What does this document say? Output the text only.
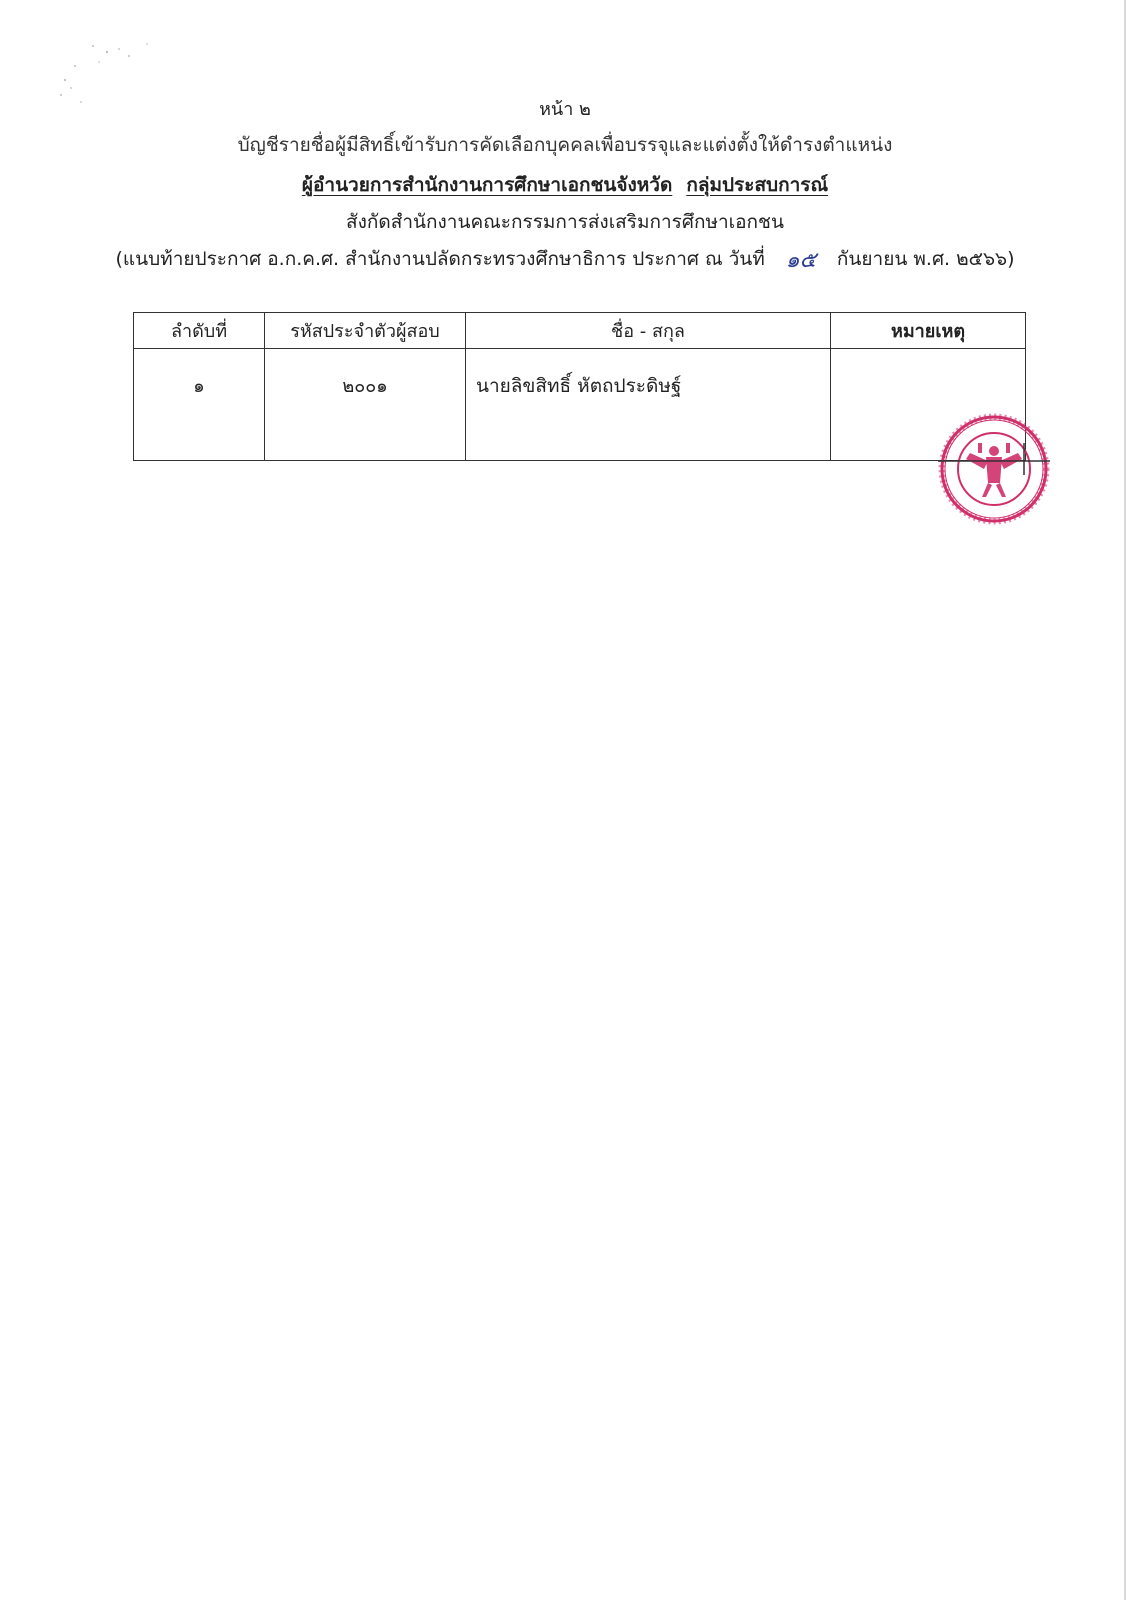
หน้า ๒
บัญชีรายชื่อผู้มีสิทธิ์เข้ารับการคัดเลือกบุคคลเพื่อบรรจุและแต่งตั้งให้ดำรงตำแหน่ง
ผู้อำนวยการสำนักงานการศึกษาเอกชนจังหวัด กลุ่มประสบการณ์
สังกัดสำนักงานคณะกรรมการส่งเสริมการศึกษาเอกชน
(แนบท้ายประกาศ อ.ก.ค.ศ. สำนักงานปลัดกระทรวงศึกษาธิการ ประกาศ ณ วันที่ ๑๕ กันยายน พ.ศ. ๒๕๖๖)
ลำดับที่	รหัสประจำตัวผู้สอบ	ชื่อ - สกุล	หมายเหตุ
๑	๒๐๐๑	นายลิขสิทธิ์ หัตถประดิษฐ์	
